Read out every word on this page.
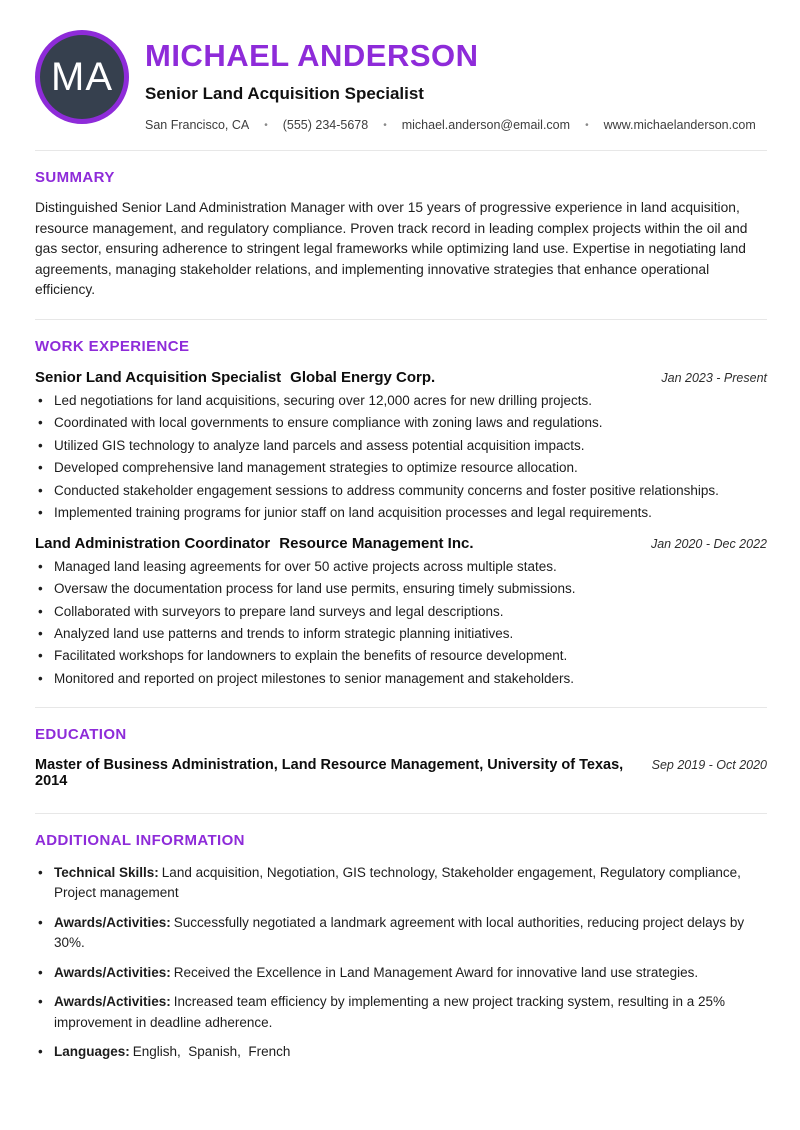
MA MICHAEL ANDERSON
Senior Land Acquisition Specialist
San Francisco, CA • (555) 234-5678 • michael.anderson@email.com • www.michaelanderson.com
SUMMARY

Distinguished Senior Land Administration Manager with over 15 years of progressive experience in land acquisition, resource management, and regulatory compliance. Proven track record in leading complex projects within the oil and gas sector, ensuring adherence to stringent legal frameworks while optimizing land use. Expertise in negotiating land agreements, managing stakeholder relations, and implementing innovative strategies that enhance operational efficiency.

WORK EXPERIENCE
Senior Land Acquisition Specialist Global Energy Corp.	Jan 2023 - Present
• Led negotiations for land acquisitions, securing over 12,000 acres for new drilling projects.
• Coordinated with local governments to ensure compliance with zoning laws and regulations.
• Utilized GIS technology to analyze land parcels and assess potential acquisition impacts.
• Developed comprehensive land management strategies to optimize resource allocation.
• Conducted stakeholder engagement sessions to address community concerns and foster positive relationships.
• Implemented training programs for junior staff on land acquisition processes and legal requirements.
Land Administration Coordinator Resource Management Inc.	Jan 2020 - Dec 2022
• Managed land leasing agreements for over 50 active projects across multiple states.
• Oversaw the documentation process for land use permits, ensuring timely submissions.
• Collaborated with surveyors to prepare land surveys and legal descriptions.
• Analyzed land use patterns and trends to inform strategic planning initiatives.
• Facilitated workshops for landowners to explain the benefits of resource development.
• Monitored and reported on project milestones to senior management and stakeholders.
EDUCATION
Master of Business Administration, Land Resource Management, University of Texas, 2014
Sep 2019 - Oct 2020
ADDITIONAL INFORMATION
• Technical Skills: Land acquisition, Negotiation, GIS technology, Stakeholder engagement, Regulatory compliance, Project management
• Awards/Activities: Successfully negotiated a landmark agreement with local authorities, reducing project delays by 30%.
• Awards/Activities: Received the Excellence in Land Management Award for innovative land use strategies.
• Awards/Activities: Increased team efficiency by implementing a new project tracking system, resulting in a 25% improvement in deadline adherence.
• Languages: English,  Spanish,  French
